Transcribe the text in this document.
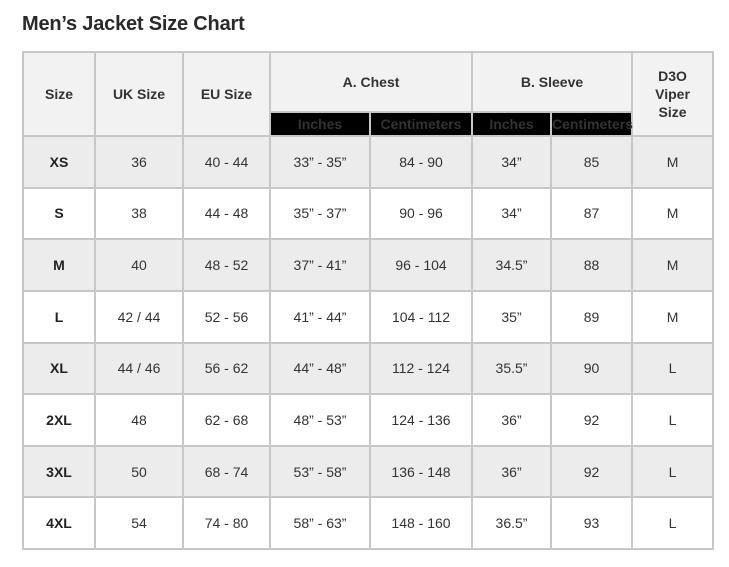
Men’s Jacket Size Chart
Size	UK Size	EU Size	A. Chest		B. Sleeve		D3O Viper Size
			Inches	Centimeters	Inches	Centimeters	
XS	36	40 - 44	33” - 35”	84 - 90	34”	85	M
S	38	44 - 48	35” - 37”	90 - 96	34”	87	M
M	40	48 - 52	37” - 41”	96 - 104	34.5”	88	M
L	42 / 44	52 - 56	41” - 44”	104 - 112	35”	89	M
XL	44 / 46	56 - 62	44” - 48”	112 - 124	35.5”	90	L
2XL	48	62 - 68	48” - 53”	124 - 136	36”	92	L
3XL	50	68 - 74	53” - 58”	136 - 148	36”	92	L
4XL	54	74 - 80	58” - 63”	148 - 160	36.5”	93	L
